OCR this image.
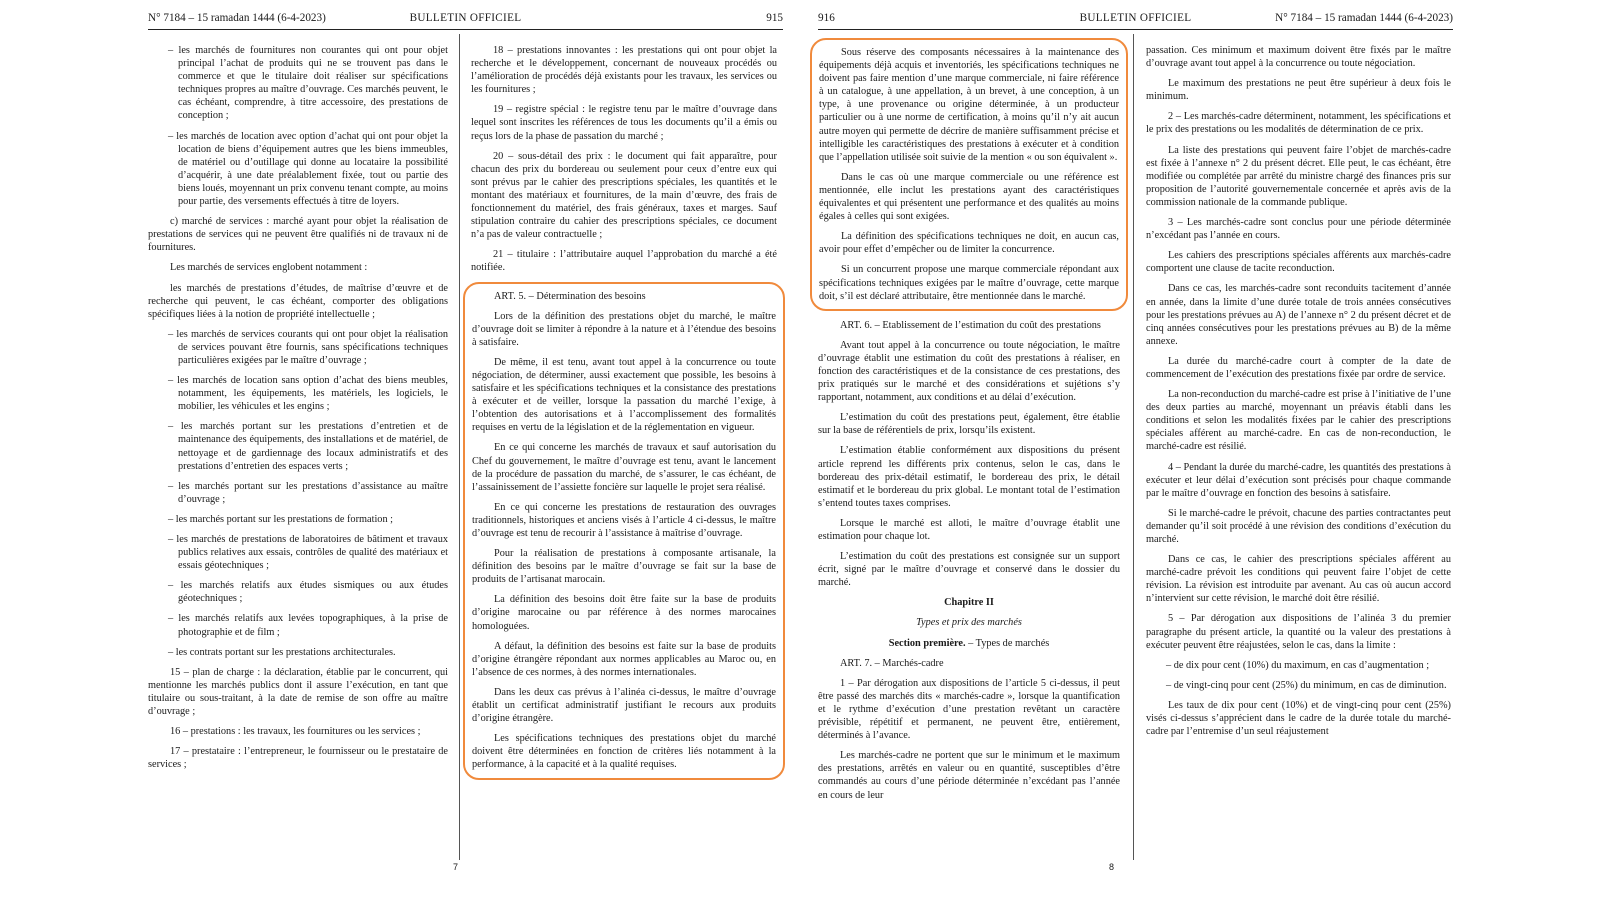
N° 7184 – 15 ramadan 1444 (6-4-2023)	BULLETIN OFFICIEL	915

– les marchés de fournitures non courantes qui ont pour objet principal l’achat de produits qui ne se trouvent pas dans le commerce et que le titulaire doit réaliser sur spécifications techniques propres au maître d’ouvrage. Ces marchés peuvent, le cas échéant, comprendre, à titre accessoire, des prestations de conception ;

– les marchés de location avec option d’achat qui ont pour objet la location de biens d’équipement autres que les biens immeubles, de matériel ou d’outillage qui donne au locataire la possibilité d’acquérir, à une date préalablement fixée, tout ou partie des biens loués, moyennant un prix convenu tenant compte, au moins pour partie, des versements effectués à titre de loyers.

c) marché de services : marché ayant pour objet la réalisation de prestations de services qui ne peuvent être qualifiés ni de travaux ni de fournitures.

Les marchés de services englobent notamment :

les marchés de prestations d’études, de maîtrise d’œuvre et de recherche qui peuvent, le cas échéant, comporter des obligations spécifiques liées à la notion de propriété intellectuelle ;

– les marchés de services courants qui ont pour objet la réalisation de services pouvant être fournis, sans spécifications techniques particulières exigées par le maître d’ouvrage ;

– les marchés de location sans option d’achat des biens meubles, notamment, les équipements, les matériels, les logiciels, le mobilier, les véhicules et les engins ;

– les marchés portant sur les prestations d’entretien et de maintenance des équipements, des installations et de matériel, de nettoyage et de gardiennage des locaux administratifs et des prestations d’entretien des espaces verts ;

– les marchés portant sur les prestations d’assistance au maître d’ouvrage ;

– les marchés portant sur les prestations de formation ;

– les marchés de prestations de laboratoires de bâtiment et travaux publics relatives aux essais, contrôles de qualité des matériaux et essais géotechniques ;

– les marchés relatifs aux études sismiques ou aux études géotechniques ;

– les marchés relatifs aux levées topographiques, à la prise de photographie et de film ;

– les contrats portant sur les prestations architecturales.

15 – plan de charge : la déclaration, établie par le concurrent, qui mentionne les marchés publics dont il assure l’exécution, en tant que titulaire ou sous-traitant, à la date de remise de son offre au maître d’ouvrage ;

16 – prestations : les travaux, les fournitures ou les services ;

17 – prestataire : l’entrepreneur, le fournisseur ou le prestataire de services ;

18 – prestations innovantes : les prestations qui ont pour objet la recherche et le développement, concernant de nouveaux procédés ou l’amélioration de procédés déjà existants pour les travaux, les services ou les fournitures ;

19 – registre spécial : le registre tenu par le maître d’ouvrage dans lequel sont inscrites les références de tous les documents qu’il a émis ou reçus lors de la phase de passation du marché ;

20 – sous-détail des prix : le document qui fait apparaître, pour chacun des prix du bordereau ou seulement pour ceux d’entre eux qui sont prévus par le cahier des prescriptions spéciales, les quantités et le montant des matériaux et fournitures, de la main d’œuvre, des frais de fonctionnement du matériel, des frais généraux, taxes et marges. Sauf stipulation contraire du cahier des prescriptions spéciales, ce document n’a pas de valeur contractuelle ;

21 – titulaire : l’attributaire auquel l’approbation du marché a été notifiée.

ART. 5. – Détermination des besoins

Lors de la définition des prestations objet du marché, le maître d’ouvrage doit se limiter à répondre à la nature et à l’étendue des besoins à satisfaire.

De même, il est tenu, avant tout appel à la concurrence ou toute négociation, de déterminer, aussi exactement que possible, les besoins à satisfaire et les spécifications techniques et la consistance des prestations à exécuter et de veiller, lorsque la passation du marché l’exige, à l’obtention des autorisations et à l’accomplissement des formalités requises en vertu de la législation et de la réglementation en vigueur.

En ce qui concerne les marchés de travaux et sauf autorisation du Chef du gouvernement, le maître d’ouvrage est tenu, avant le lancement de la procédure de passation du marché, de s’assurer, le cas échéant, de l’assainissement de l’assiette foncière sur laquelle le projet sera réalisé.

En ce qui concerne les prestations de restauration des ouvrages traditionnels, historiques et anciens visés à l’article 4 ci-dessus, le maître d’ouvrage est tenu de recourir à l’assistance à maîtrise d’ouvrage.

Pour la réalisation de prestations à composante artisanale, la définition des besoins par le maître d’ouvrage se fait sur la base de produits de l’artisanat marocain.

La définition des besoins doit être faite sur la base de produits d’origine marocaine ou par référence à des normes marocaines homologuées.

A défaut, la définition des besoins est faite sur la base de produits d’origine étrangère répondant aux normes applicables au Maroc ou, en l’absence de ces normes, à des normes internationales.

Dans les deux cas prévus à l’alinéa ci-dessus, le maître d’ouvrage établit un certificat administratif justifiant le recours aux produits d’origine étrangère.

Les spécifications techniques des prestations objet du marché doivent être déterminées en fonction de critères liés notamment à la performance, à la capacité et à la qualité requises.

7
916	BULLETIN OFFICIEL	N° 7184 – 15 ramadan 1444 (6-4-2023)

Sous réserve des composants nécessaires à la maintenance des équipements déjà acquis et inventoriés, les spécifications techniques ne doivent pas faire mention d’une marque commerciale, ni faire référence à un catalogue, à une appellation, à un brevet, à une conception, à un type, à une provenance ou origine déterminée, à un producteur particulier ou à une norme de certification, à moins qu’il n’y ait aucun autre moyen qui permette de décrire de manière suffisamment précise et intelligible les caractéristiques des prestations à exécuter et à condition que l’appellation utilisée soit suivie de la mention « ou son équivalent ».

Dans le cas où une marque commerciale ou une référence est mentionnée, elle inclut les prestations ayant des caractéristiques équivalentes et qui présentent une performance et des qualités au moins égales à celles qui sont exigées.

La définition des spécifications techniques ne doit, en aucun cas, avoir pour effet d’empêcher ou de limiter la concurrence.

Si un concurrent propose une marque commerciale répondant aux spécifications techniques exigées par le maître d’ouvrage, cette marque doit, s’il est déclaré attributaire, être mentionnée dans le marché.

ART. 6. – Etablissement de l’estimation du coût des prestations

Avant tout appel à la concurrence ou toute négociation, le maître d’ouvrage établit une estimation du coût des prestations à réaliser, en fonction des caractéristiques et de la consistance de ces prestations, des prix pratiqués sur le marché et des considérations et sujétions s’y rapportant, notamment, aux conditions et au délai d’exécution.

L’estimation du coût des prestations peut, également, être établie sur la base de référentiels de prix, lorsqu’ils existent.

L’estimation établie conformément aux dispositions du présent article reprend les différents prix contenus, selon le cas, dans le bordereau des prix-détail estimatif, le bordereau des prix, le détail estimatif et le bordereau du prix global. Le montant total de l’estimation s’entend toutes taxes comprises.

Lorsque le marché est alloti, le maître d’ouvrage établit une estimation pour chaque lot.

L’estimation du coût des prestations est consignée sur un support écrit, signé par le maître d’ouvrage et conservé dans le dossier du marché.

Chapitre II

Types et prix des marchés

Section première. – Types de marchés

ART. 7. – Marchés-cadre

1 – Par dérogation aux dispositions de l’article 5 ci-dessus, il peut être passé des marchés dits « marchés-cadre », lorsque la quantification et le rythme d’exécution d’une prestation revêtant un caractère prévisible, répétitif et permanent, ne peuvent être, entièrement, déterminés à l’avance.

Les marchés-cadre ne portent que sur le minimum et le maximum des prestations, arrêtés en valeur ou en quantité, susceptibles d’être commandés au cours d’une période déterminée n’excédant pas l’année en cours de leur

passation. Ces minimum et maximum doivent être fixés par le maître d’ouvrage avant tout appel à la concurrence ou toute négociation.

Le maximum des prestations ne peut être supérieur à deux fois le minimum.

2 – Les marchés-cadre déterminent, notamment, les spécifications et le prix des prestations ou les modalités de détermination de ce prix.

La liste des prestations qui peuvent faire l’objet de marchés-cadre est fixée à l’annexe n° 2 du présent décret. Elle peut, le cas échéant, être modifiée ou complétée par arrêté du ministre chargé des finances pris sur proposition de l’autorité gouvernementale concernée et après avis de la commission nationale de la commande publique.

3 – Les marchés-cadre sont conclus pour une période déterminée n’excédant pas l’année en cours.

Les cahiers des prescriptions spéciales afférents aux marchés-cadre comportent une clause de tacite reconduction.

Dans ce cas, les marchés-cadre sont reconduits tacitement d’année en année, dans la limite d’une durée totale de trois années consécutives pour les prestations prévues au A) de l’annexe n° 2 du présent décret et de cinq années consécutives pour les prestations prévues au B) de la même annexe.

La durée du marché-cadre court à compter de la date de commencement de l’exécution des prestations fixée par ordre de service.

La non-reconduction du marché-cadre est prise à l’initiative de l’une des deux parties au marché, moyennant un préavis établi dans les conditions et selon les modalités fixées par le cahier des prescriptions spéciales afférent au marché-cadre. En cas de non-reconduction, le marché-cadre est résilié.

4 – Pendant la durée du marché-cadre, les quantités des prestations à exécuter et leur délai d’exécution sont précisés pour chaque commande par le maître d’ouvrage en fonction des besoins à satisfaire.

Si le marché-cadre le prévoit, chacune des parties contractantes peut demander qu’il soit procédé à une révision des conditions d’exécution du marché.

Dans ce cas, le cahier des prescriptions spéciales afférent au marché-cadre prévoit les conditions qui peuvent faire l’objet de cette révision. La révision est introduite par avenant. Au cas où aucun accord n’intervient sur cette révision, le marché doit être résilié.

5 – Par dérogation aux dispositions de l’alinéa 3 du premier paragraphe du présent article, la quantité ou la valeur des prestations à exécuter peuvent être réajustées, selon le cas, dans la limite :

– de dix pour cent (10%) du maximum, en cas d’augmentation ;

– de vingt-cinq pour cent (25%) du minimum, en cas de diminution.

Les taux de dix pour cent (10%) et de vingt-cinq pour cent (25%) visés ci-dessus s’apprécient dans le cadre de la durée totale du marché-cadre par l’entremise d’un seul réajustement

8
